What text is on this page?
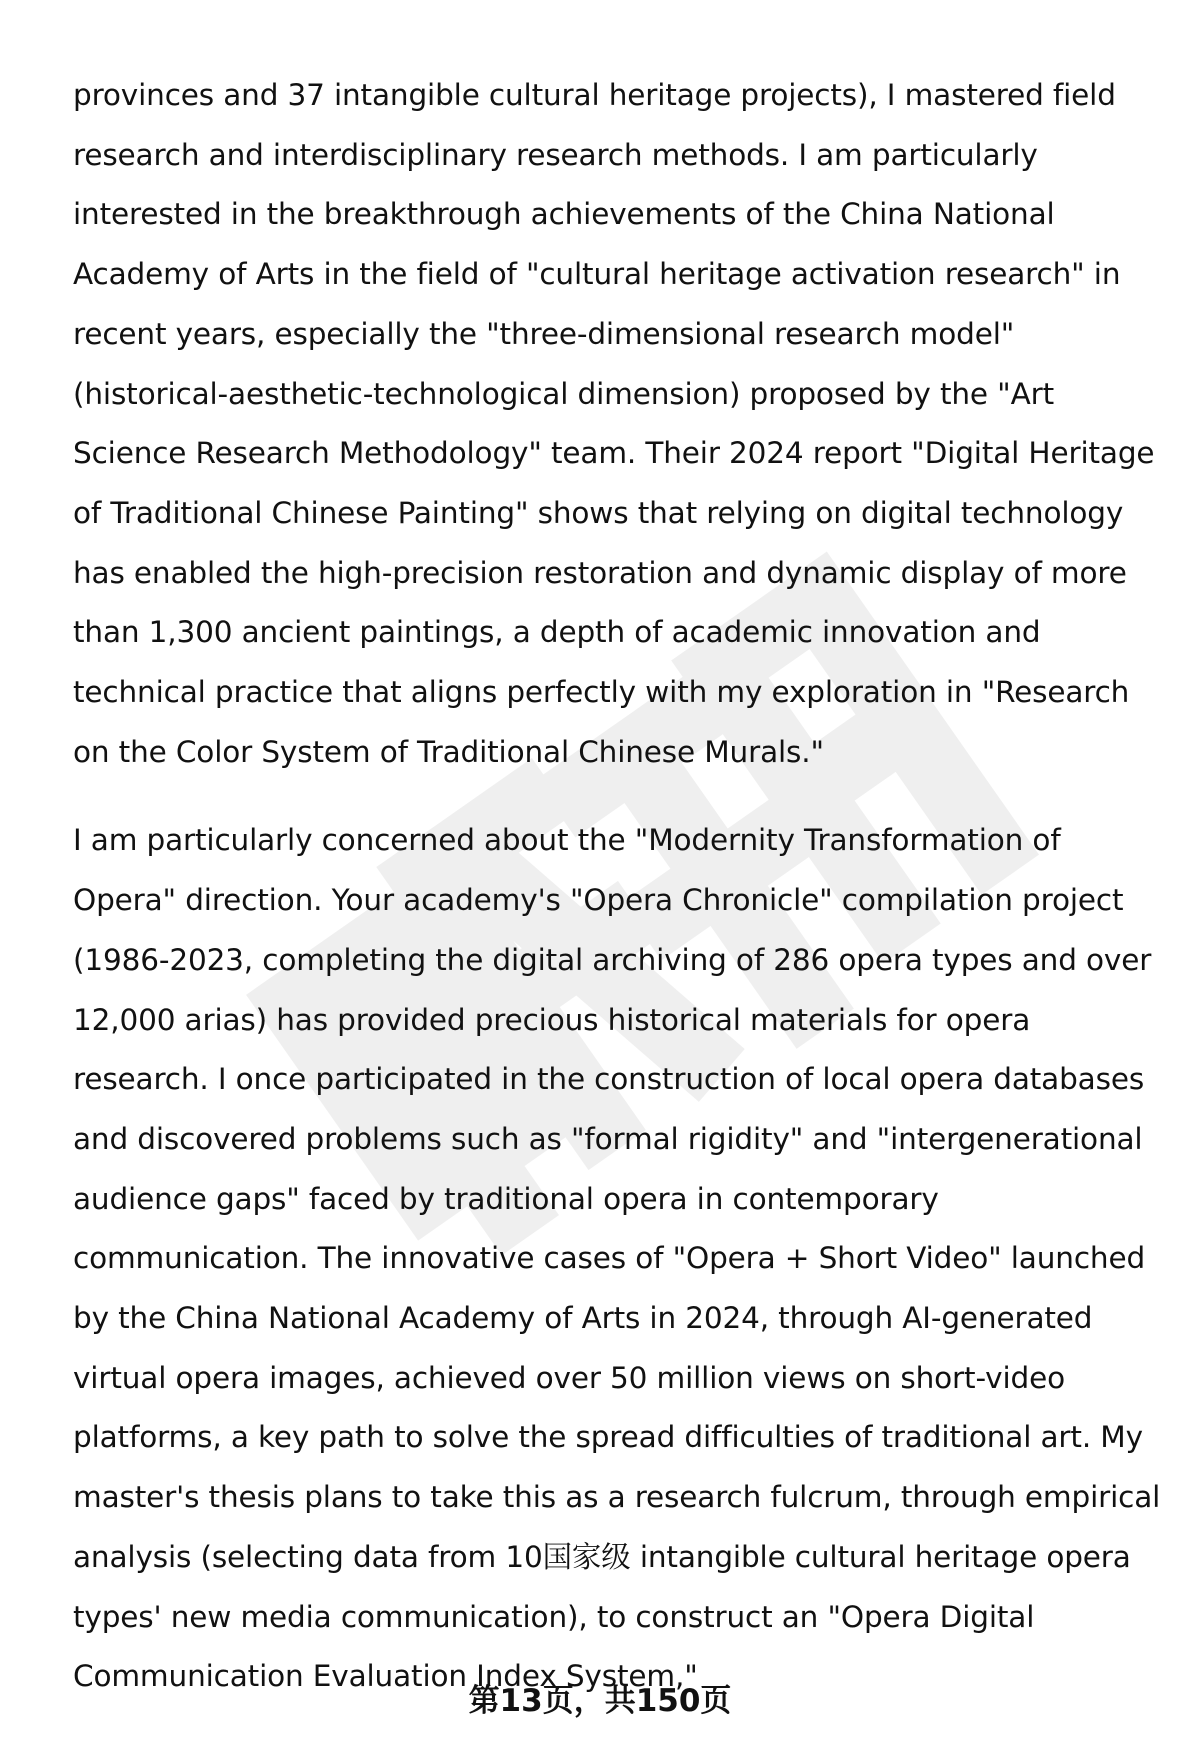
provinces and 37 intangible cultural heritage projects), I mastered field research and interdisciplinary research methods. I am particularly interested in the breakthrough achievements of the China National Academy of Arts in the field of "cultural heritage activation research" in recent years, especially the "three-dimensional research model" (historical-aesthetic-technological dimension) proposed by the "Art Science Research Methodology" team. Their 2024 report "Digital Heritage of Traditional Chinese Painting" shows that relying on digital technology has enabled the high-precision restoration and dynamic display of more than 1,300 ancient paintings, a depth of academic innovation and technical practice that aligns perfectly with my exploration in "Research on the Color System of Traditional Chinese Murals."

I am particularly concerned about the "Modernity Transformation of Opera" direction. Your academy's "Opera Chronicle" compilation project (1986-2023, completing the digital archiving of 286 opera types and over 12,000 arias) has provided precious historical materials for opera research. I once participated in the construction of local opera databases and discovered problems such as "formal rigidity" and "intergenerational audience gaps" faced by traditional opera in contemporary communication. The innovative cases of "Opera + Short Video" launched by the China National Academy of Arts in 2024, through AI-generated virtual opera images, achieved over 50 million views on short-video platforms, a key path to solve the spread difficulties of traditional art. My master's thesis plans to take this as a research fulcrum, through empirical analysis (selecting data from 10国家级 intangible cultural heritage opera types' new media communication), to construct an "Opera Digital Communication Evaluation Index System,"

第13页，共150页
